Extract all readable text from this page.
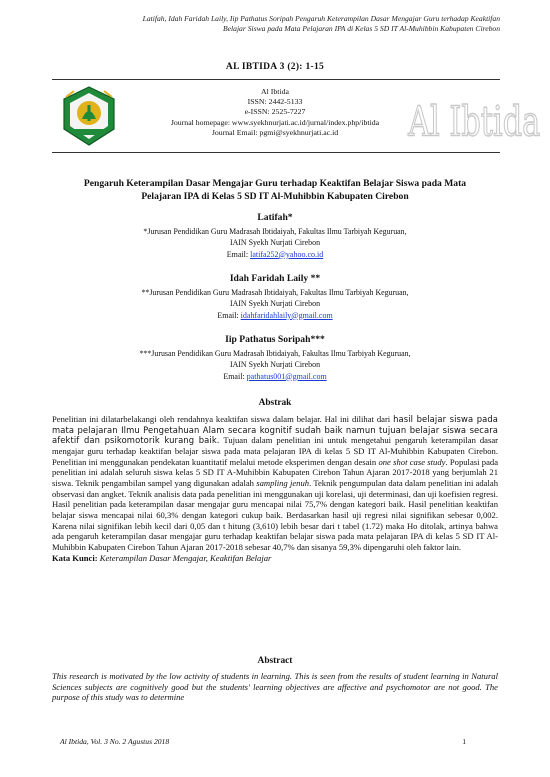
Latifah, Idah Faridah Laily, Iip Pathatus Soripah Pengaruh Keterampilan Dasar Mengajar Guru terhadap Keaktifan
Belajar Siswa pada Mata Pelajaran IPA di Kelas 5 SD IT Al-Muhibbin Kabupaten Cirebon
AL IBTIDA 3 (2): 1-15
Al Ibtida
ISSN: 2442-5133
e-ISSN: 2525-7227
Journal homepage: www.syekhnurjati.ac.id/jurnal/index.php/ibtida
Journal Email: pgmi@syekhnurjati.ac.id	Al Ibtida
Pengaruh Keterampilan Dasar Mengajar Guru terhadap Keaktifan Belajar Siswa pada Mata
Pelajaran IPA di Kelas 5 SD IT Al-Muhibbin Kabupaten Cirebon
Latifah*
*Jurusan Pendidikan Guru Madrasah Ibtidaiyah, Fakultas Ilmu Tarbiyah Keguruan,
IAIN Syekh Nurjati Cirebon
Email: latifa252@yahoo.co.id
Idah Faridah Laily **
**Jurusan Pendidikan Guru Madrasah Ibtidaiyah, Fakultas Ilmu Tarbiyah Keguruan,
IAIN Syekh Nurjati Cirebon
Email: idahfaridahlaily@gmail.com
Iip Pathatus Soripah***
***Jurusan Pendidikan Guru Madrasah Ibtidaiyah, Fakultas Ilmu Tarbiyah Keguruan,
IAIN Syekh Nurjati Cirebon
Email: pathatus001@gmail.com
Abstrak

Penelitian ini dilatarbelakangi oleh rendahnya keaktifan siswa dalam belajar. Hal ini dilihat dari hasil belajar siswa pada mata pelajaran Ilmu Pengetahuan Alam secara kognitif sudah baik namun tujuan belajar siswa secara afektif dan psikomotorik kurang baik. Tujuan dalam penelitian ini untuk mengetahui pengaruh keterampilan dasar mengajar guru terhadap keaktifan belajar siswa pada mata pelajaran IPA di kelas 5 SD IT Al-Muhibbin Kabupaten Cirebon. Penelitian ini menggunakan pendekatan kuantitatif melalui metode eksperimen dengan desain one shot case study. Populasi pada penelitian ini adalah seluruh siswa kelas 5 SD IT A-Muhibbin Kabupaten Cirebon Tahun Ajaran 2017-2018 yang berjumlah 21 siswa. Teknik pengambilan sampel yang digunakan adalah sampling jenuh. Teknik pengumpulan data dalam penelitian ini adalah observasi dan angket. Teknik analisis data pada penelitian ini menggunakan uji korelasi, uji determinasi, dan uji koefisien regresi. Hasil penelitian pada keterampilan dasar mengajar guru mencapai nilai 75,7% dengan kategori baik. Hasil penelitian keaktifan belajar siswa mencapai nilai 60,3% dengan kategori cukup baik. Berdasarkan hasil uji regresi nilai signifikan sebesar 0,002. Karena nilai signifikan lebih kecil dari 0,05 dan t hitung (3,610) lebih besar dari t tabel (1.72) maka Ho ditolak, artinya bahwa ada pengaruh keterampilan dasar mengajar guru terhadap keaktifan belajar siswa pada mata pelajaran IPA di kelas 5 SD IT Al-Muhibbin Kabupaten Cirebon Tahun Ajaran 2017-2018 sebesar 40,7% dan sisanya 59,3% dipengaruhi oleh faktor lain.

Kata Kunci: Keterampilan Dasar Mengajar, Keaktifan Belajar

Abstract

This research is motivated by the low activity of students in learning. This is seen from the results of student learning in Natural Sciences subjects are cognitively good but the students' learning objectives are affective and psychomotor are not good. The purpose of this study was to determine

Al Ibtida, Vol. 3 No. 2 Agustus 2018	1
